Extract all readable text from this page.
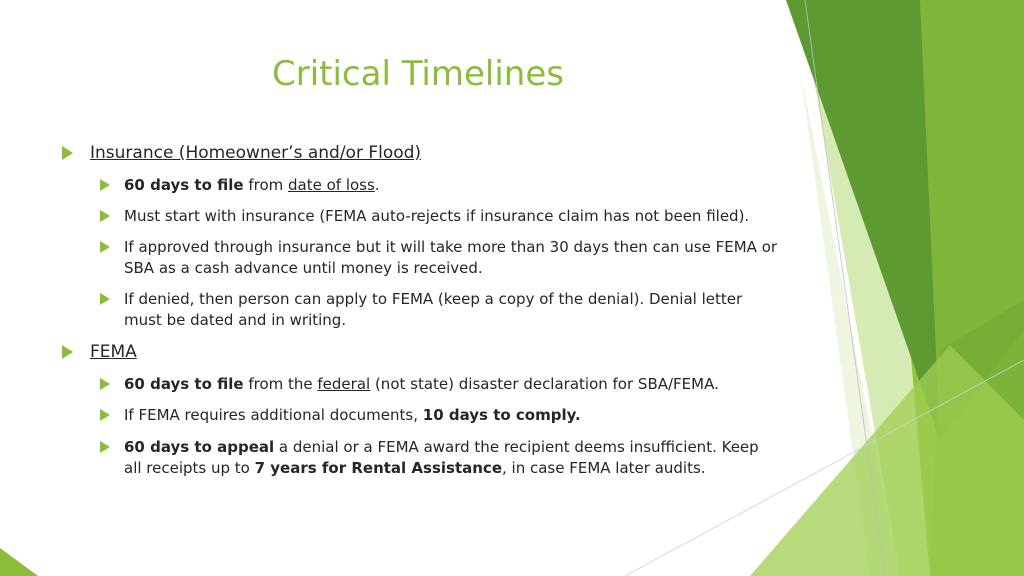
Critical Timelines
Insurance (Homeowner’s and/or Flood)
60 days to file from date of loss.
Must start with insurance (FEMA auto-rejects if insurance claim has not been filed).
If approved through insurance but it will take more than 30 days then can use FEMA or SBA as a cash advance until money is received.
If denied, then person can apply to FEMA (keep a copy of the denial). Denial letter must be dated and in writing.
FEMA
60 days to file from the federal (not state) disaster declaration for SBA/FEMA.
If FEMA requires additional documents, 10 days to comply.
60 days to appeal a denial or a FEMA award the recipient deems insufficient. Keep all receipts up to 7 years for Rental Assistance, in case FEMA later audits.
